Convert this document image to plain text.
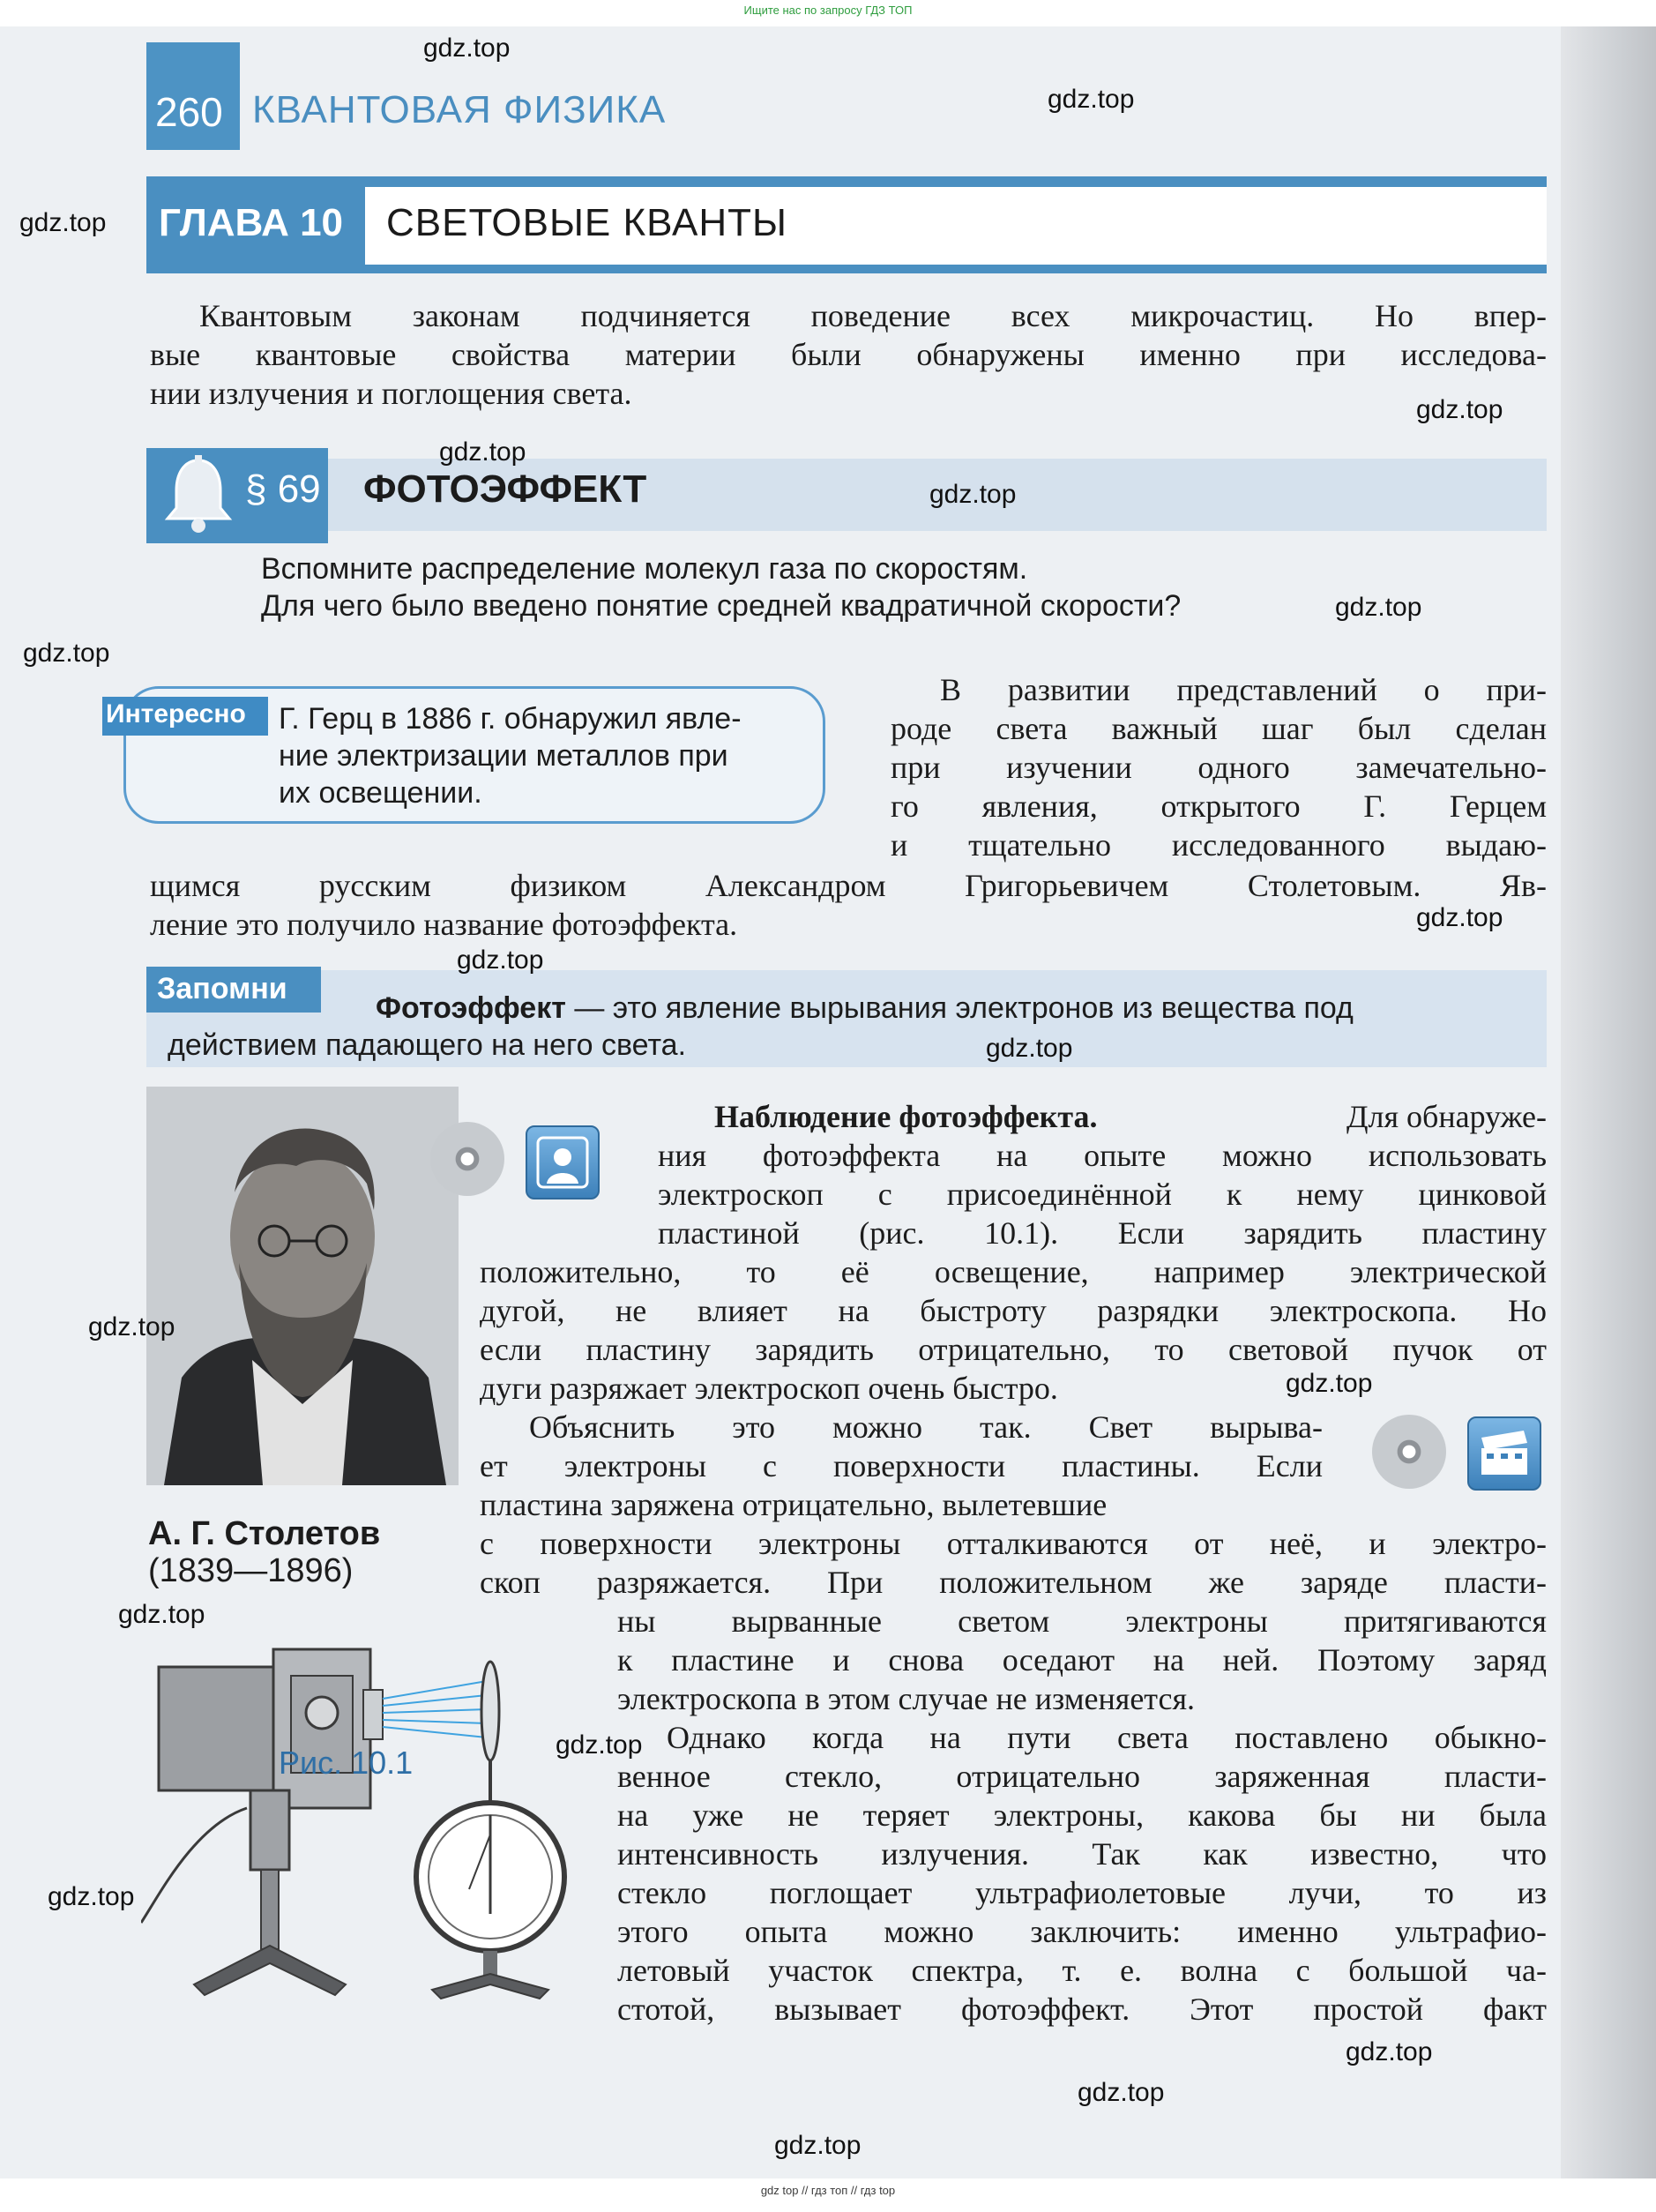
Ищите нас по запросу ГДЗ ТОП
gdz top // гдз топ // гдз top
260 КВАНТОВАЯ ФИЗИКА
ГЛАВА 10 СВЕТОВЫЕ КВАНТЫ
Квантовым законам подчиняется поведение всех микрочастиц. Но впер-
вые квантовые свойства материи были обнаружены именно при исследова-
нии излучения и поглощения света.
§ 69 ФОТОЭФФЕКТ
Вспомните распределение молекул газа по скоростям.
Для чего было введено понятие средней квадратичной скорости?
Интересно Г. Герц в 1886 г. обнаружил явле-
ние электризации металлов при
их освещении.
В развитии представлений о при-
роде света важный шаг был сделан
при изучении одного замечательно-
го явления, открытого Г. Герцем
и тщательно исследованного выдаю-
щимся русским физиком Александром Григорьевичем Столетовым. Яв-
ление это получило название фотоэффекта.
Запомни
Фотоэффект — это явление вырывания электронов из вещества под
действием падающего на него света.
А. Г. Столетов
(1839—1896)
Наблюдение фотоэффекта.	Для обнаруже-
ния фотоэффекта на опыте можно использовать
электроскоп с присоединённой к нему цинковой
пластиной (рис. 10.1). Если зарядить пластину
положительно, то её освещение, например электрической
дугой, не влияет на быстроту разрядки электроскопа. Но
если пластину зарядить отрицательно, то световой пучок от
дуги разряжает электроскоп очень быстро.
Объяснить это можно так. Свет вырыва-
ет электроны с поверхности пластины. Если
пластина заряжена отрицательно, вылетевшие
с поверхности электроны отталкиваются от неё, и электро-
скоп разряжается. При положительном же заряде пласти-
ны вырванные светом электроны притягиваются
к пластине и снова оседают на ней. Поэтому заряд
электроскопа в этом случае не изменяется.
Однако когда на пути света поставлено обыкно-
венное стекло, отрицательно заряженная пласти-
на уже не теряет электроны, какова бы ни была
интенсивность излучения. Так как известно, что
стекло поглощает ультрафиолетовые лучи, то из
этого опыта можно заключить: именно ультрафио-
летовый участок спектра, т. е. волна с большой ча-
стотой, вызывает фотоэффект. Этот простой факт
Рис. 10.1
gdz.top
gdz.top
gdz.top
gdz.top
gdz.top
gdz.top
gdz.top
gdz.top
gdz.top
gdz.top
gdz.top
gdz.top
gdz.top
gdz.top
gdz.top
gdz.top
gdz.top
gdz.top
gdz.top
